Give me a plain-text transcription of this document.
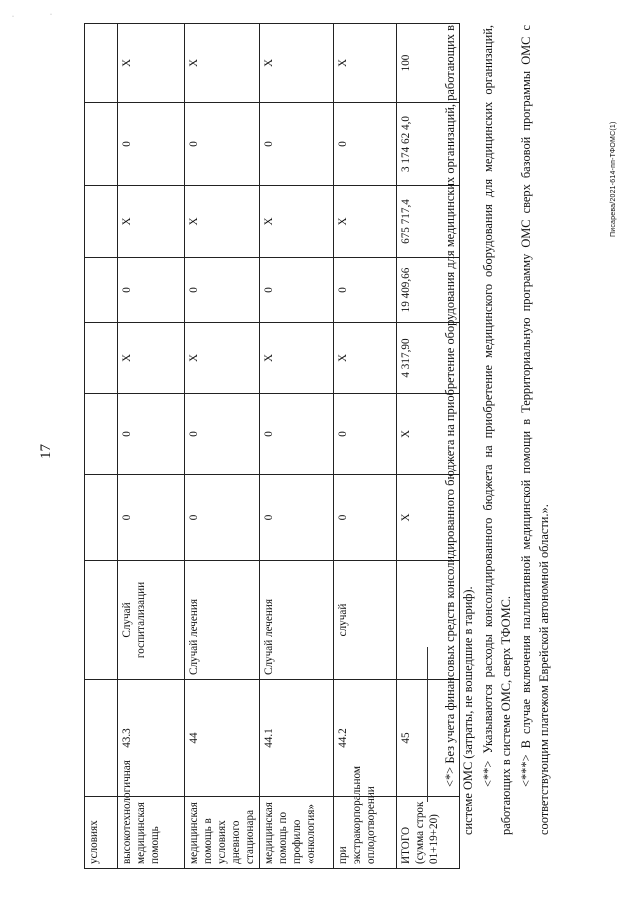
·	·
17
условиях									
высокотехнологичная медицинская помощь	43.3	Случай госпитализации	0	0	X	0	X	0	X
медицинская помощь в условиях дневного стационара	44	Случай лечения	0	0	X	0	X	0	X
медицинская помощь по профилю «онкология»	44.1	Случай лечения	0	0	X	0	X	0	X
при экстракорпоральном оплодотворении	44.2	случай	0	0	X	0	X	0	X
ИТОГО (сумма строк 01+19+20)	45		X	X	4 317,90	19 409,66	675 717,4	3 174 62 4,0	100	<*> Без учета финансовых средств консолидированного бюджета на приобретение оборудования для медицинских организаций, работающих в системе ОМС (затраты, не вошедшие в тариф). <**> Указываются расходы консолидированного бюджета на приобретение медицинского оборудования для медицинских организаций, работающих в системе ОМС, сверх ТФОМС. <***> В случае включения паллиативной медицинской помощи в Территориальную программу ОМС сверх базовой программы ОМС с соответствующим платежом Еврейской автономной области.».

Писарева/2021-614-пп-ТФОМС(1)
